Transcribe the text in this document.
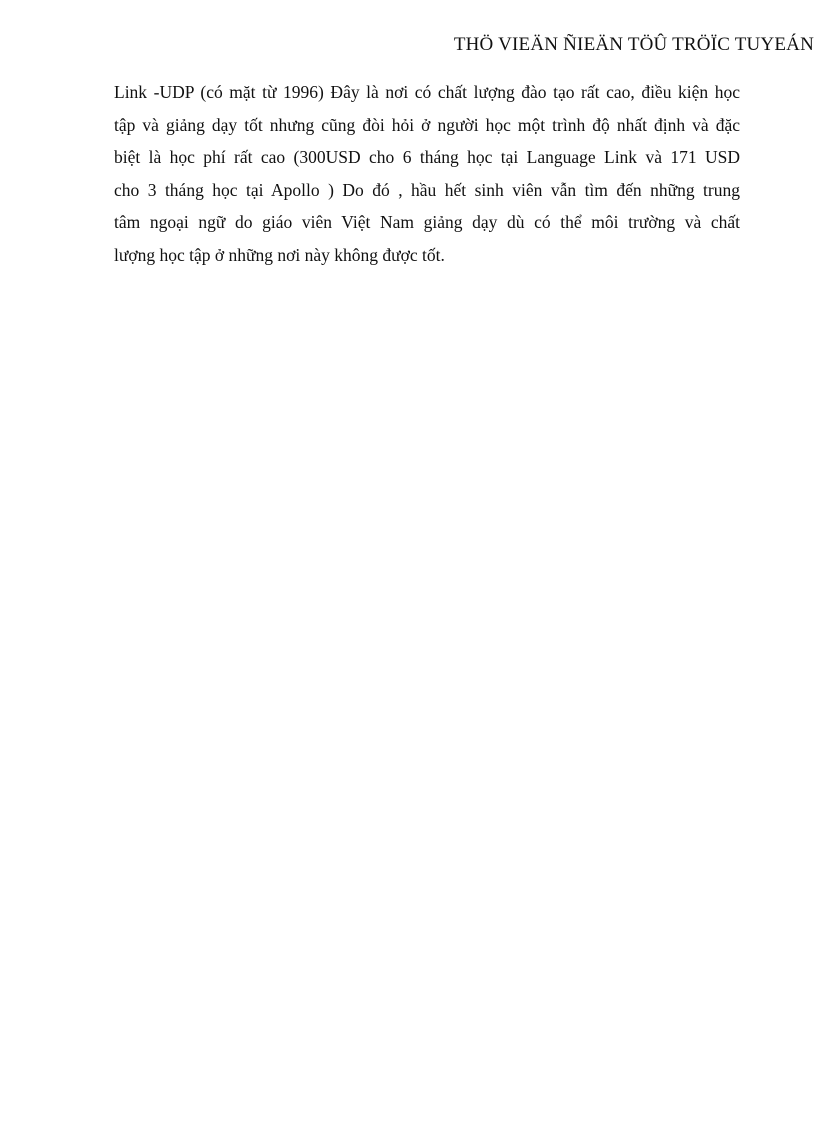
THÖ VIEÄN ÑIEÄN TÖÛ TRÖÏC TUYEÁN
Link -UDP (có mặt từ 1996) Đây là nơi có chất lượng đào tạo rất cao, điều kiện học
tập và giảng dạy tốt nhưng cũng đòi hỏi ở người học một trình độ nhất định và đặc
biệt là học phí rất cao (300USD cho 6 tháng học tại Language Link và 171 USD
cho 3 tháng học tại Apollo ) Do đó , hầu hết sinh viên vẫn tìm đến những trung
tâm ngoại ngữ do giáo viên Việt Nam giảng dạy dù có thể môi trường và chất
lượng học tập ở những nơi này không được tốt.
